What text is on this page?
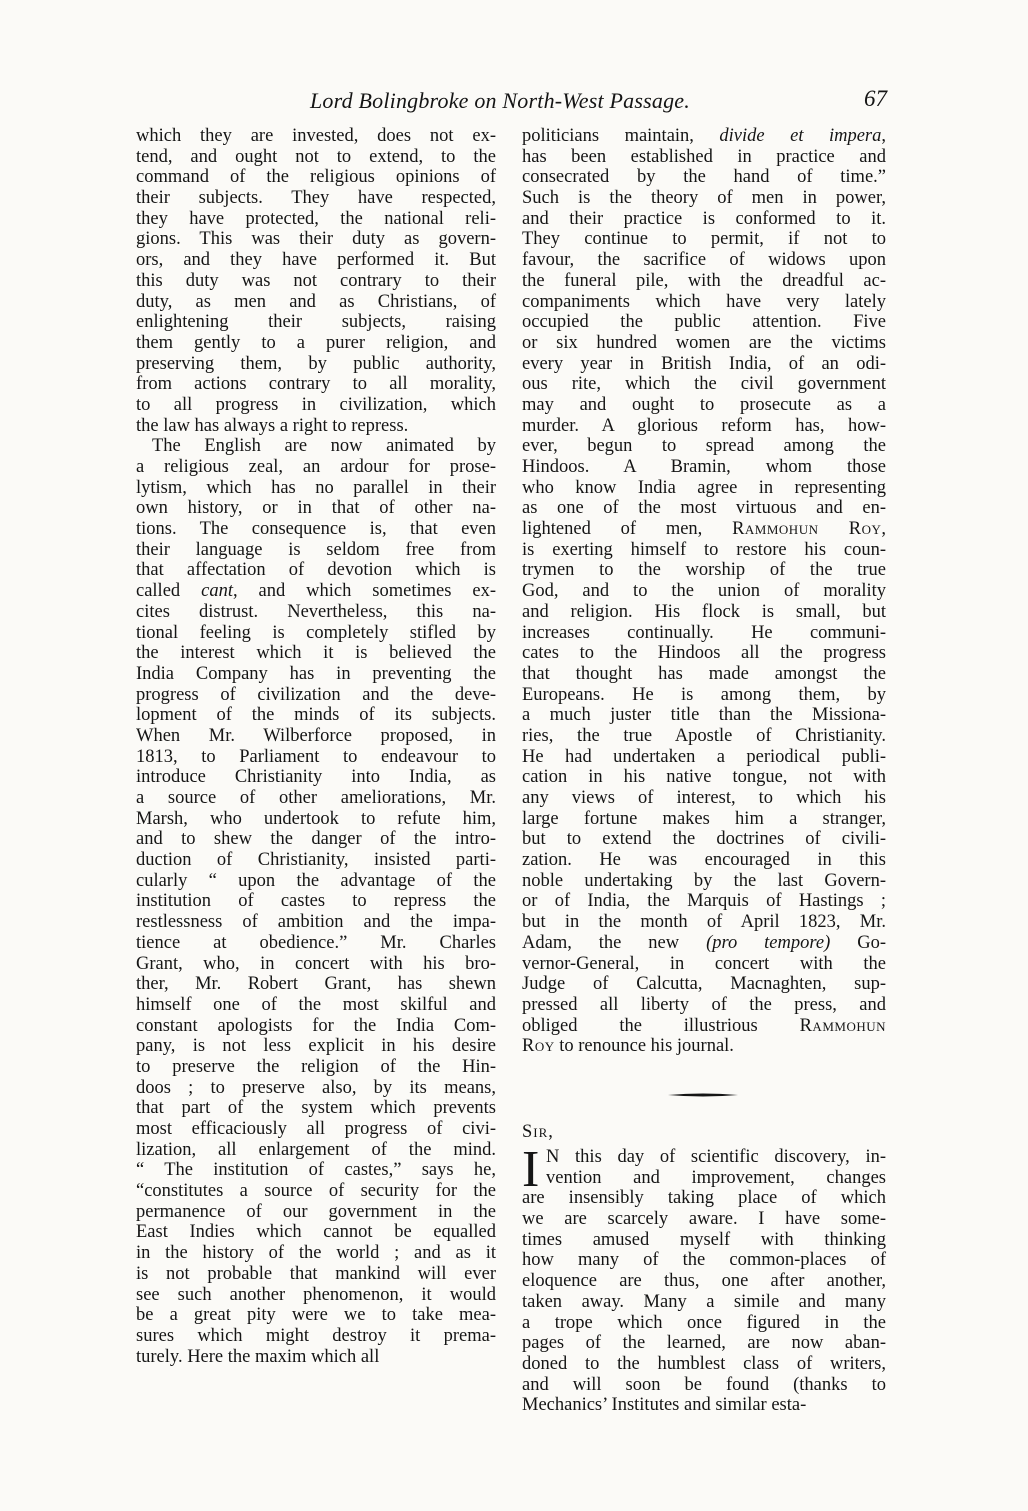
Lord Bolingbroke on North-West Passage.	67
which they are invested, does not ex-
tend, and ought not to extend, to the
command of the religious opinions of
their subjects. They have respected,
they have protected, the national reli-
gions. This was their duty as govern-
ors, and they have performed it. But
this duty was not contrary to their
duty, as men and as Christians, of
enlightening their subjects, raising
them gently to a purer religion, and
preserving them, by public authority,
from actions contrary to all morality,
to all progress in civilization, which
the law has always a right to repress.
The English are now animated by
a religious zeal, an ardour for prose-
lytism, which has no parallel in their
own history, or in that of other na-
tions. The consequence is, that even
their language is seldom free from
that affectation of devotion which is
called cant, and which sometimes ex-
cites distrust. Nevertheless, this na-
tional feeling is completely stifled by
the interest which it is believed the
India Company has in preventing the
progress of civilization and the deve-
lopment of the minds of its subjects.
When Mr. Wilberforce proposed, in
1813, to Parliament to endeavour to
introduce Christianity into India, as
a source of other ameliorations, Mr.
Marsh, who undertook to refute him,
and to shew the danger of the intro-
duction of Christianity, insisted parti-
cularly “ upon the advantage of the
institution of castes to repress the
restlessness of ambition and the impa-
tience at obedience.” Mr. Charles
Grant, who, in concert with his bro-
ther, Mr. Robert Grant, has shewn
himself one of the most skilful and
constant apologists for the India Com-
pany, is not less explicit in his desire
to preserve the religion of the Hin-
doos ; to preserve also, by its means,
that part of the system which prevents
most efficaciously all progress of civi-
lization, all enlargement of the mind.
“ The institution of castes,” says he,
“constitutes a source of security for the
permanence of our government in the
East Indies which cannot be equalled
in the history of the world ; and as it
is not probable that mankind will ever
see such another phenomenon, it would
be a great pity were we to take mea-
sures which might destroy it prema-
turely. Here the maxim which all
politicians maintain, divide et impera,
has been established in practice and
consecrated by the hand of time.”
Such is the theory of men in power,
and their practice is conformed to it.
They continue to permit, if not to
favour, the sacrifice of widows upon
the funeral pile, with the dreadful ac-
companiments which have very lately
occupied the public attention. Five
or six hundred women are the victims
every year in British India, of an odi-
ous rite, which the civil government
may and ought to prosecute as a
murder. A glorious reform has, how-
ever, begun to spread among the
Hindoos. A Bramin, whom those
who know India agree in representing
as one of the most virtuous and en-
lightened of men, Rammohun Roy,
is exerting himself to restore his coun-
trymen to the worship of the true
God, and to the union of morality
and religion. His flock is small, but
increases continually. He communi-
cates to the Hindoos all the progress
that thought has made amongst the
Europeans. He is among them, by
a much juster title than the Missiona-
ries, the true Apostle of Christianity.
He had undertaken a periodical publi-
cation in his native tongue, not with
any views of interest, to which his
large fortune makes him a stranger,
but to extend the doctrines of civili-
zation. He was encouraged in this
noble undertaking by the last Govern-
or of India, the Marquis of Hastings ;
but in the month of April 1823, Mr.
Adam, the new (pro tempore) Go-
vernor-General, in concert with the
Judge of Calcutta, Macnaghten, sup-
pressed all liberty of the press, and
obliged the illustrious Rammohun
Roy to renounce his journal.
Sir,
I N this day of scientific discovery, in-
vention and improvement, changes
are insensibly taking place of which
we are scarcely aware. I have some-
times amused myself with thinking
how many of the common-places of
eloquence are thus, one after another,
taken away. Many a simile and many
a trope which once figured in the
pages of the learned, are now aban-
doned to the humblest class of writers,
and will soon be found (thanks to
Mechanics’ Institutes and similar esta-
